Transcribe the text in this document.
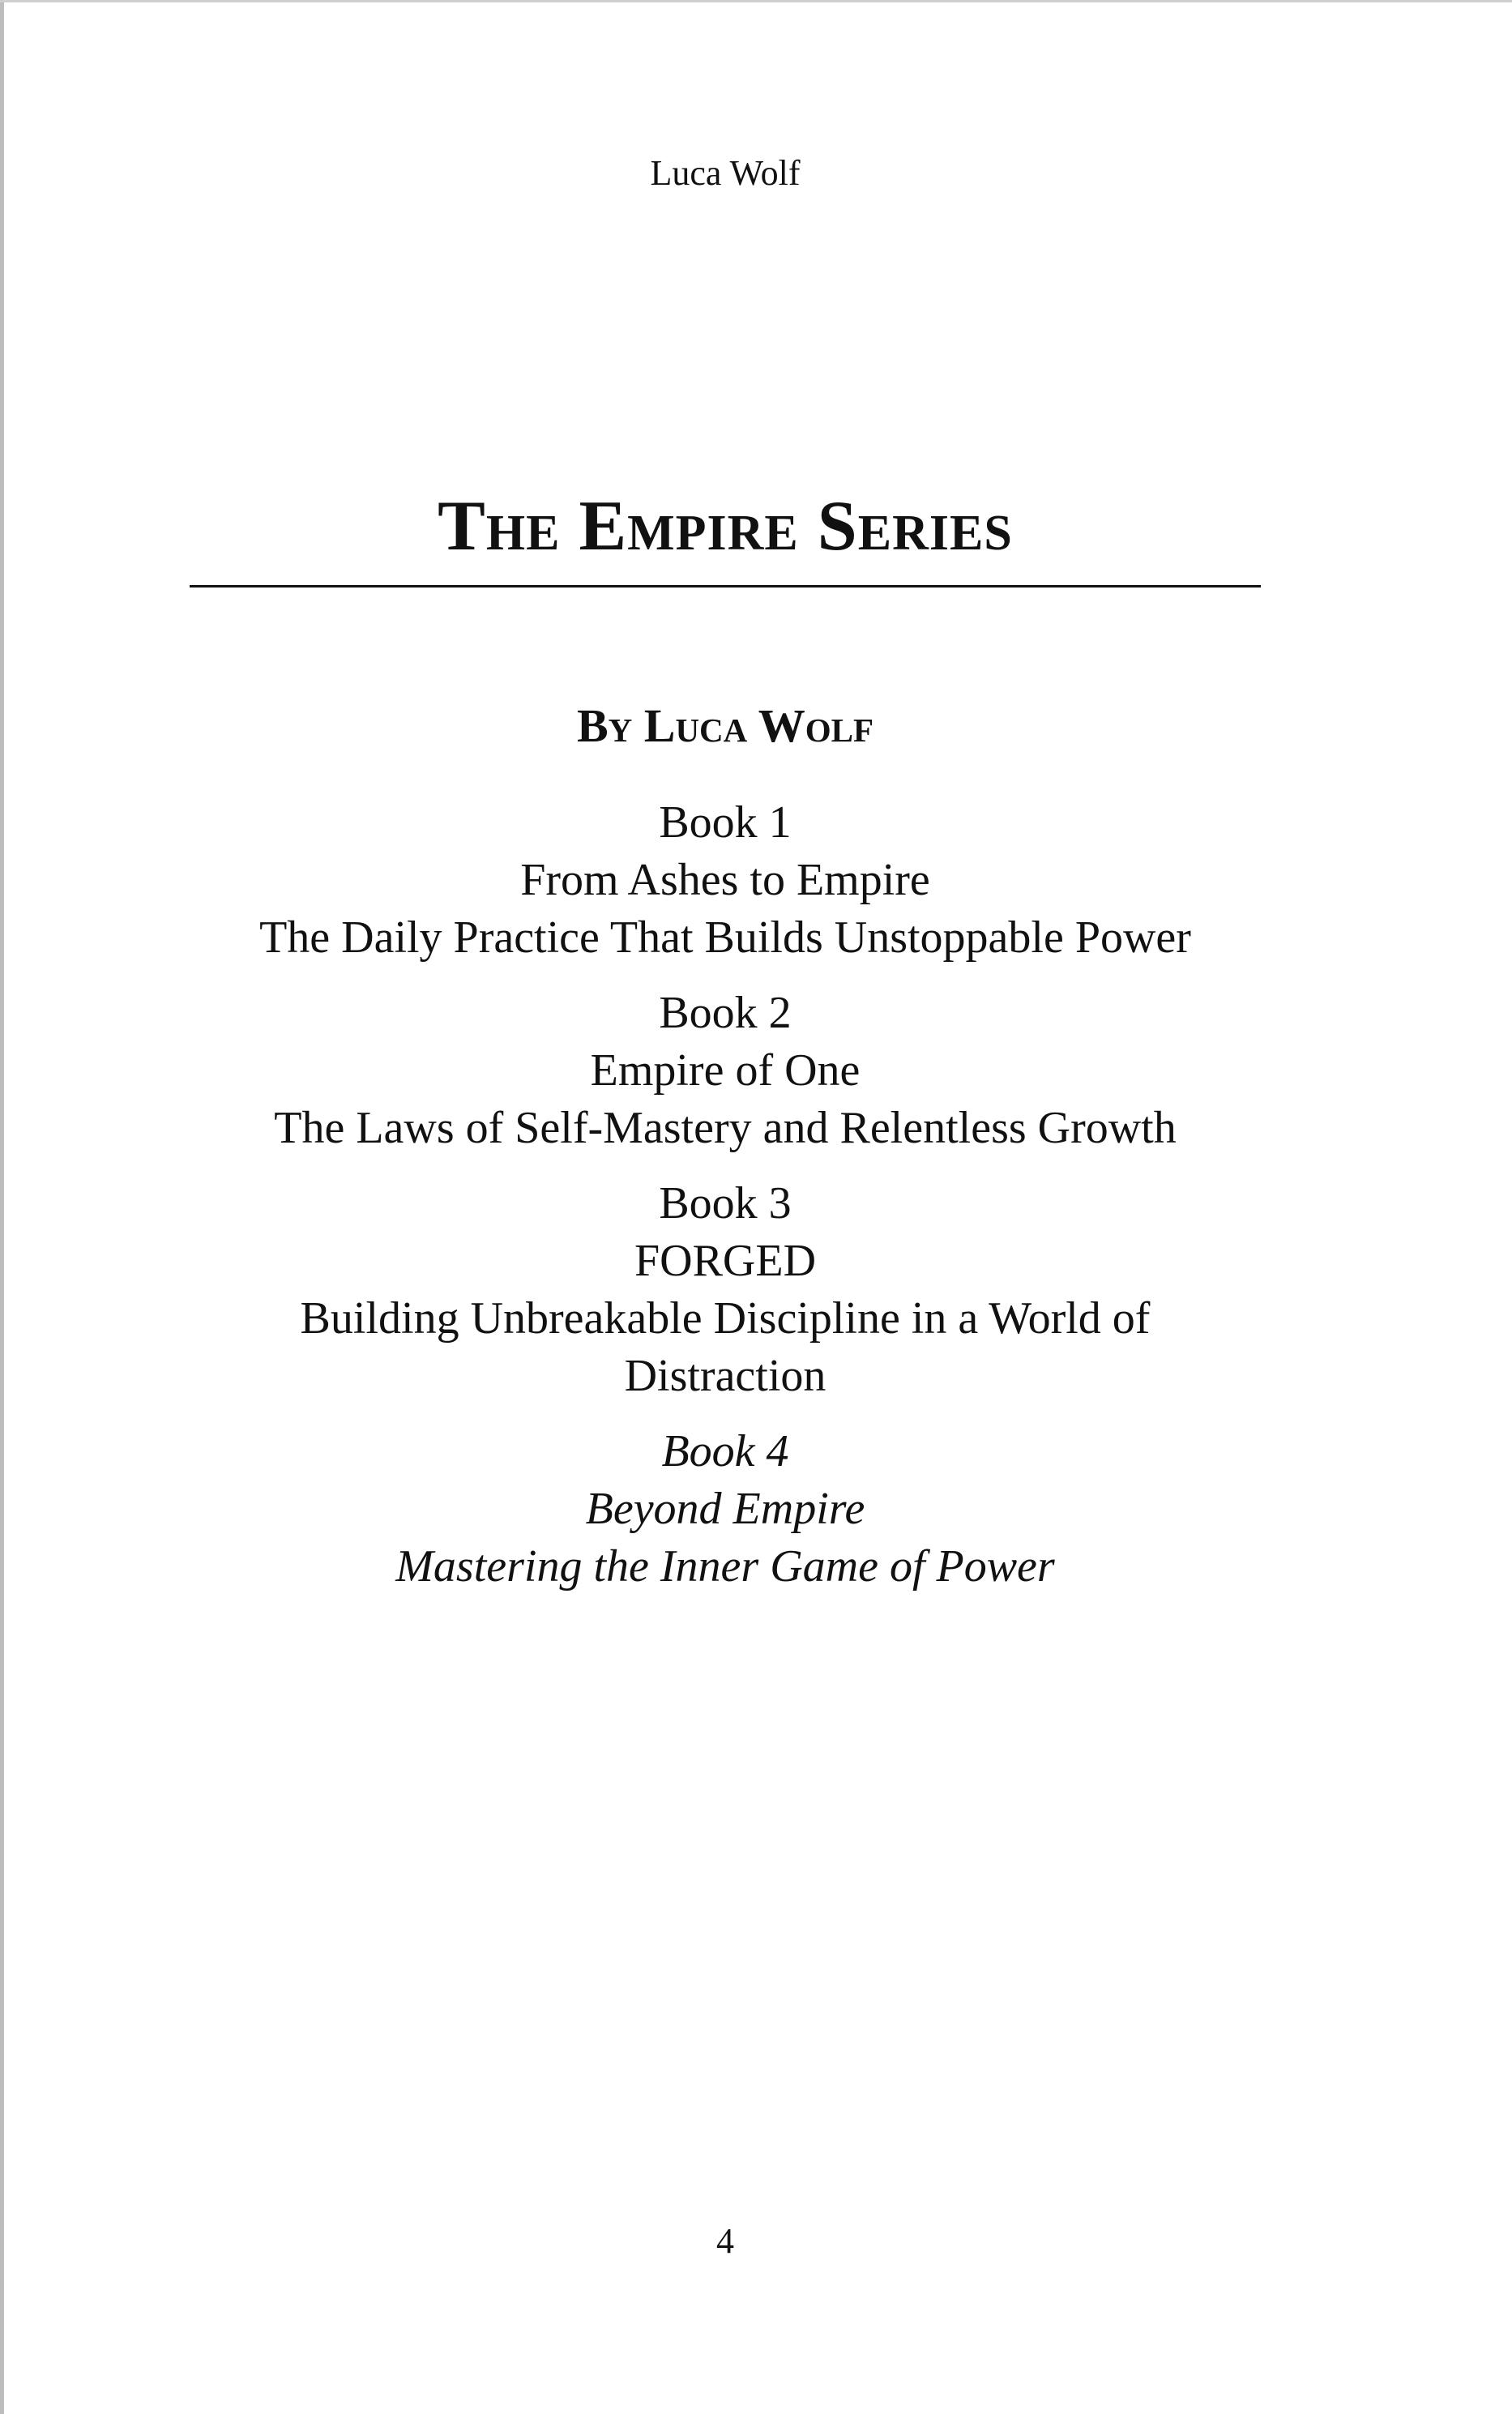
Luca Wolf
The Empire Series
By Luca Wolf
Book 1
From Ashes to Empire
The Daily Practice That Builds Unstoppable Power
Book 2
Empire of One
The Laws of Self-Mastery and Relentless Growth
Book 3
FORGED
Building Unbreakable Discipline in a World of
Distraction
Book 4
Beyond Empire
Mastering the Inner Game of Power
4
